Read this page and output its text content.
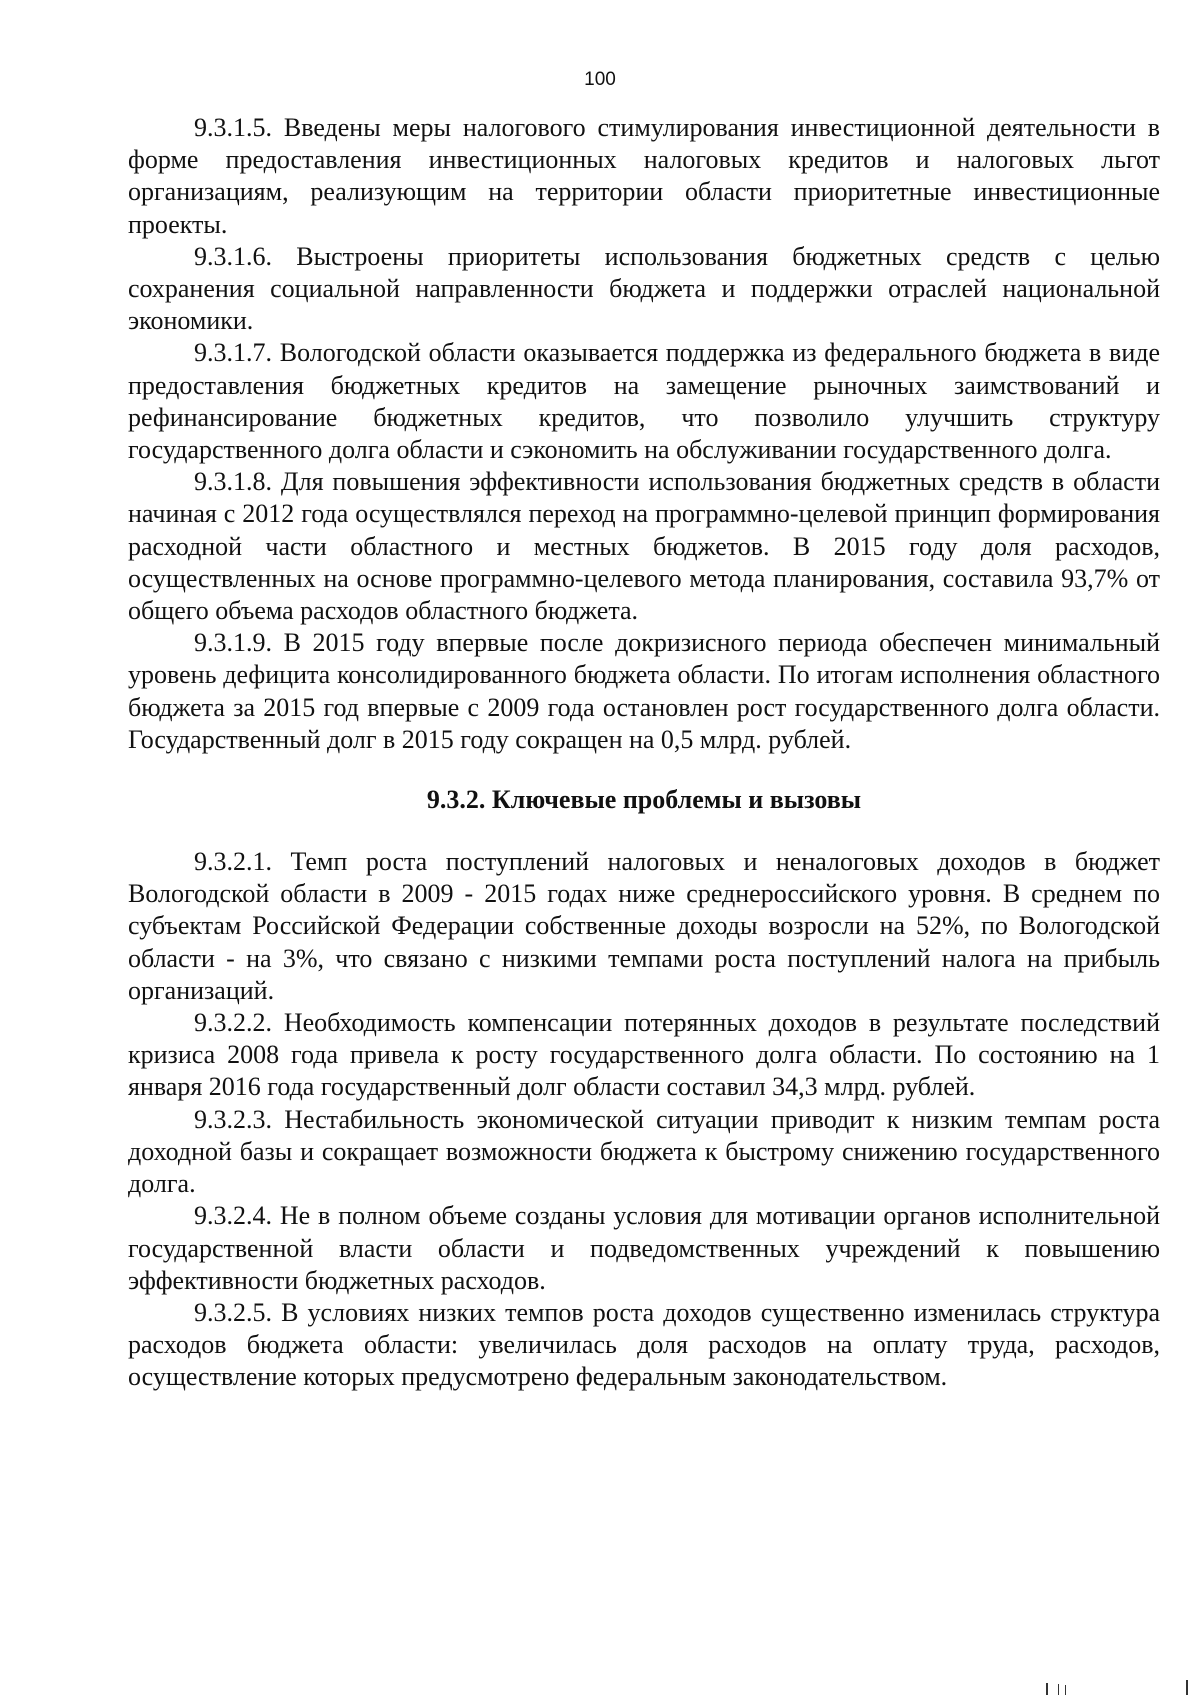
100

9.3.1.5. Введены меры налогового стимулирования инвестиционной деятельности в форме предоставления инвестиционных налоговых кредитов и налоговых льгот организациям, реализующим на территории области приоритетные инвестиционные проекты.

9.3.1.6. Выстроены приоритеты использования бюджетных средств с целью сохранения социальной направленности бюджета и поддержки отраслей национальной экономики.

9.3.1.7. Вологодской области оказывается поддержка из федерального бюджета в виде предоставления бюджетных кредитов на замещение рыночных заимствований и рефинансирование бюджетных кредитов, что позволило улучшить структуру государственного долга области и сэкономить на обслуживании государственного долга.

9.3.1.8. Для повышения эффективности использования бюджетных средств в области начиная с 2012 года осуществлялся переход на программно-целевой принцип формирования расходной части областного и местных бюджетов. В 2015 году доля расходов, осуществленных на основе программно-целевого метода планирования, составила 93,7% от общего объема расходов областного бюджета.

9.3.1.9. В 2015 году впервые после докризисного периода обеспечен минимальный уровень дефицита консолидированного бюджета области. По итогам исполнения областного бюджета за 2015 год впервые с 2009 года остановлен рост государственного долга области. Государственный долг в 2015 году сокращен на 0,5 млрд. рублей.

9.3.2. Ключевые проблемы и вызовы

9.3.2.1. Темп роста поступлений налоговых и неналоговых доходов в бюджет Вологодской области в 2009 - 2015 годах ниже среднероссийского уровня. В среднем по субъектам Российской Федерации собственные доходы возросли на 52%, по Вологодской области - на 3%, что связано с низкими темпами роста поступлений налога на прибыль организаций.

9.3.2.2. Необходимость компенсации потерянных доходов в результате последствий кризиса 2008 года привела к росту государственного долга области. По состоянию на 1 января 2016 года государственный долг области составил 34,3 млрд. рублей.

9.3.2.3. Нестабильность экономической ситуации приводит к низким темпам роста доходной базы и сокращает возможности бюджета к быстрому снижению государственного долга.

9.3.2.4. Не в полном объеме созданы условия для мотивации органов исполнительной государственной власти области и подведомственных учреждений к повышению эффективности бюджетных расходов.

9.3.2.5. В условиях низких темпов роста доходов существенно изменилась структура расходов бюджета области: увеличилась доля расходов на оплату труда, расходов, осуществление которых предусмотрено федеральным законодательством.
